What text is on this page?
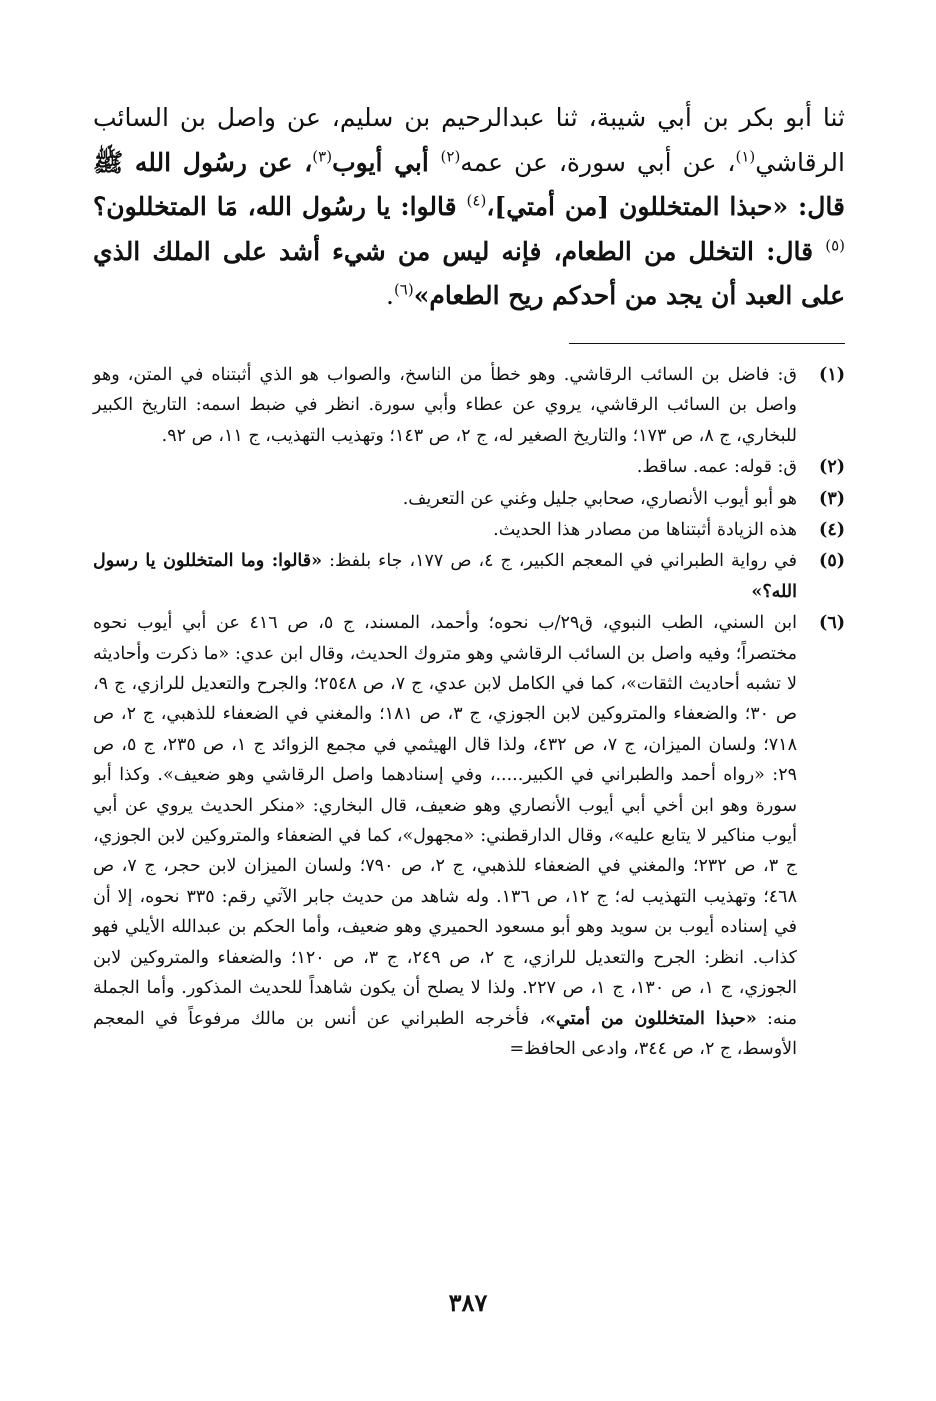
ثنا أبو بكر بن أبي شيبة، ثنا عبدالرحيم بن سليم، عن واصل بن السائب الرقاشي$^{(١)}$، عن أبي سورة، عن عمه$^{(٢)}$ أبي أيوب$^{(٣)}$، عن رسُول الله ﷺ قال: «حبذا المتخللون [من أمتي]،$^{(٤)}$ قالوا: يا رسُول الله، مَا المتخللون؟$^{(٥)}$ قال: التخلل من الطعام، فإنه ليس من شيء أشد على الملك الذي على العبد أن يجد من أحدكم ريح الطعام»$^{(٦)}$.

(١)
ق: فاضل بن السائب الرقاشي. وهو خطأ من الناسخ، والصواب هو الذي أثبتناه في المتن، وهو واصل بن السائب الرقاشي، يروي عن عطاء وأبي سورة. انظر في ضبط اسمه: التاريخ الكبير للبخاري، ج ٨، ص ١٧٣؛ والتاريخ الصغير له، ج ٢، ص ١٤٣؛ وتهذيب التهذيب، ج ١١، ص ٩٢.
(٢)
ق: قوله: عمه. ساقط.
(٣)
هو أبو أيوب الأنصاري، صحابي جليل وغني عن التعريف.
(٤)
هذه الزيادة أثبتناها من مصادر هذا الحديث.
(٥)
في رواية الطبراني في المعجم الكبير، ج ٤، ص ١٧٧، جاء بلفظ: «قالوا: وما المتخللون يا رسول الله؟»
(٦)
ابن السني، الطب النبوي، ق٢٩/ب نحوه؛ وأحمد، المسند، ج ٥، ص ٤١٦ عن أبي أيوب نحوه مختصراً؛ وفيه واصل بن السائب الرقاشي وهو متروك الحديث، وقال ابن عدي: «ما ذكرت وأحاديثه لا تشبه أحاديث الثقات»، كما في الكامل لابن عدي، ج ٧، ص ٢٥٤٨؛ والجرح والتعديل للرازي، ج ٩، ص ٣٠؛ والضعفاء والمتروكين لابن الجوزي، ج ٣، ص ١٨١؛ والمغني في الضعفاء للذهبي، ج ٢، ص ٧١٨؛ ولسان الميزان، ج ٧، ص ٤٣٢، ولذا قال الهيثمي في مجمع الزوائد ج ١، ص ٢٣٥، ج ٥، ص ٢٩: «رواه أحمد والطبراني في الكبير.....، وفي إسنادهما واصل الرقاشي وهو ضعيف». وكذا أبو سورة وهو ابن أخي أبي أيوب الأنصاري وهو ضعيف، قال البخاري: «منكر الحديث يروي عن أبي أيوب مناكير لا يتابع عليه»، وقال الدارقطني: «مجهول»، كما في الضعفاء والمتروكين لابن الجوزي، ج ٣، ص ٢٣٢؛ والمغني في الضعفاء للذهبي، ج ٢، ص ٧٩٠؛ ولسان الميزان لابن حجر، ج ٧، ص ٤٦٨؛ وتهذيب التهذيب له؛ ج ١٢، ص ١٣٦. وله شاهد من حديث جابر الآتي رقم: ٣٣٥ نحوه، إلا أن في إسناده أيوب بن سويد وهو أبو مسعود الحميري وهو ضعيف، وأما الحكم بن عبدالله الأيلي فهو كذاب. انظر: الجرح والتعديل للرازي، ج ٢، ص ٢٤٩، ج ٣، ص ١٢٠؛ والضعفاء والمتروكين لابن الجوزي، ج ١، ص ١٣٠، ج ١، ص ٢٢٧. ولذا لا يصلح أن يكون شاهداً للحديث المذكور. وأما الجملة منه: «حبذا المتخللون من أمتي»، فأخرجه الطبراني عن أنس بن مالك مرفوعاً في المعجم الأوسط، ج ٢، ص ٣٤٤، وادعى الحافظ=
٣٨٧
